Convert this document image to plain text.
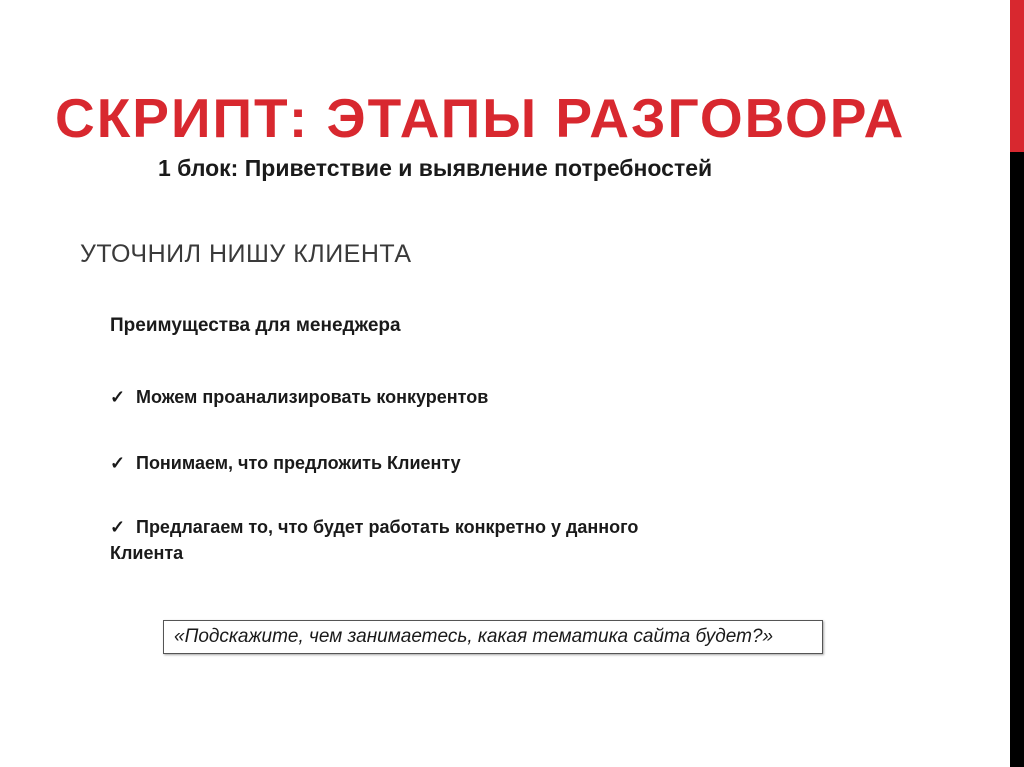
СКРИПТ: ЭТАПЫ РАЗГОВОРА
1 блок: Приветствие и выявление потребностей
УТОЧНИЛ НИШУ КЛИЕНТА
Преимущества для менеджера
✓ Можем проанализировать конкурентов
✓ Понимаем, что предложить Клиенту
✓ Предлагаем то, что будет работать конкретно у данного Клиента
«Подскажите, чем занимаетесь, какая тематика сайта будет?»
